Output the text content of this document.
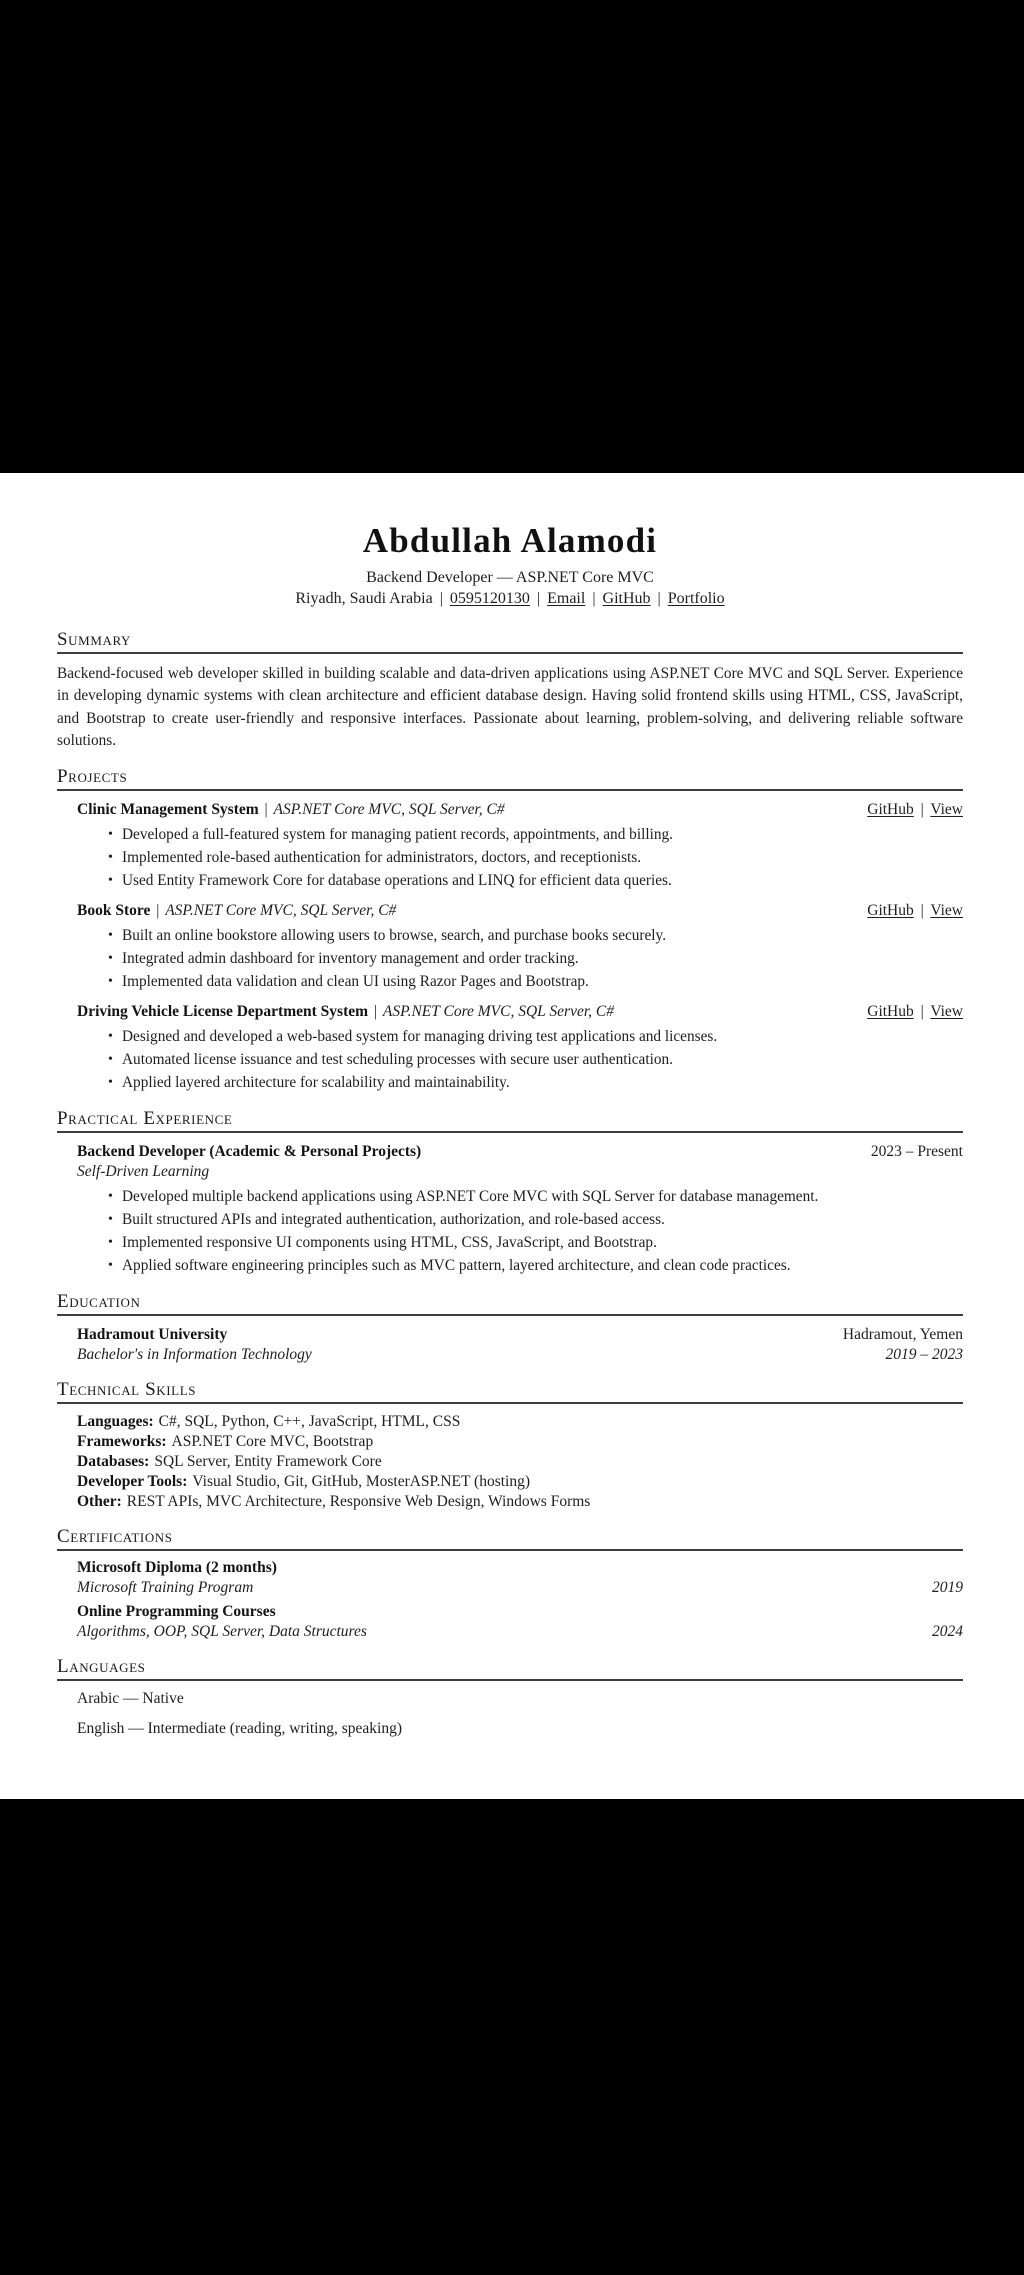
Abdullah Alamodi
Backend Developer — ASP.NET Core MVC
Riyadh, Saudi Arabia | 0595120130 | Email | GitHub | Portfolio
Summary
Backend-focused web developer skilled in building scalable and data-driven applications using ASP.NET Core MVC and SQL Server. Experience in developing dynamic systems with clean architecture and efficient database design. Having solid frontend skills using HTML, CSS, JavaScript, and Bootstrap to create user-friendly and responsive interfaces. Passionate about learning, problem-solving, and delivering reliable software solutions.
Projects
Clinic Management System | ASP.NET Core MVC, SQL Server, C#	GitHub | View
• Developed a full-featured system for managing patient records, appointments, and billing.
• Implemented role-based authentication for administrators, doctors, and receptionists.
• Used Entity Framework Core for database operations and LINQ for efficient data queries.
Book Store | ASP.NET Core MVC, SQL Server, C#	GitHub | View
• Built an online bookstore allowing users to browse, search, and purchase books securely.
• Integrated admin dashboard for inventory management and order tracking.
• Implemented data validation and clean UI using Razor Pages and Bootstrap.
Driving Vehicle License Department System | ASP.NET Core MVC, SQL Server, C#	GitHub | View
• Designed and developed a web-based system for managing driving test applications and licenses.
• Automated license issuance and test scheduling processes with secure user authentication.
• Applied layered architecture for scalability and maintainability.
Practical Experience
Backend Developer (Academic & Personal Projects)	2023 – Present
Self-Driven Learning
• Developed multiple backend applications using ASP.NET Core MVC with SQL Server for database management.
• Built structured APIs and integrated authentication, authorization, and role-based access.
• Implemented responsive UI components using HTML, CSS, JavaScript, and Bootstrap.
• Applied software engineering principles such as MVC pattern, layered architecture, and clean code practices.
Education
Hadramout University	Hadramout, Yemen
Bachelor's in Information Technology	2019 – 2023
Technical Skills
Languages: C#, SQL, Python, C++, JavaScript, HTML, CSS
Frameworks: ASP.NET Core MVC, Bootstrap
Databases: SQL Server, Entity Framework Core
Developer Tools: Visual Studio, Git, GitHub, MosterASP.NET (hosting)
Other: REST APIs, MVC Architecture, Responsive Web Design, Windows Forms
Certifications
Microsoft Diploma (2 months)
Microsoft Training Program	2019
Online Programming Courses
Algorithms, OOP, SQL Server, Data Structures	2024
Languages
Arabic — Native
English — Intermediate (reading, writing, speaking)
